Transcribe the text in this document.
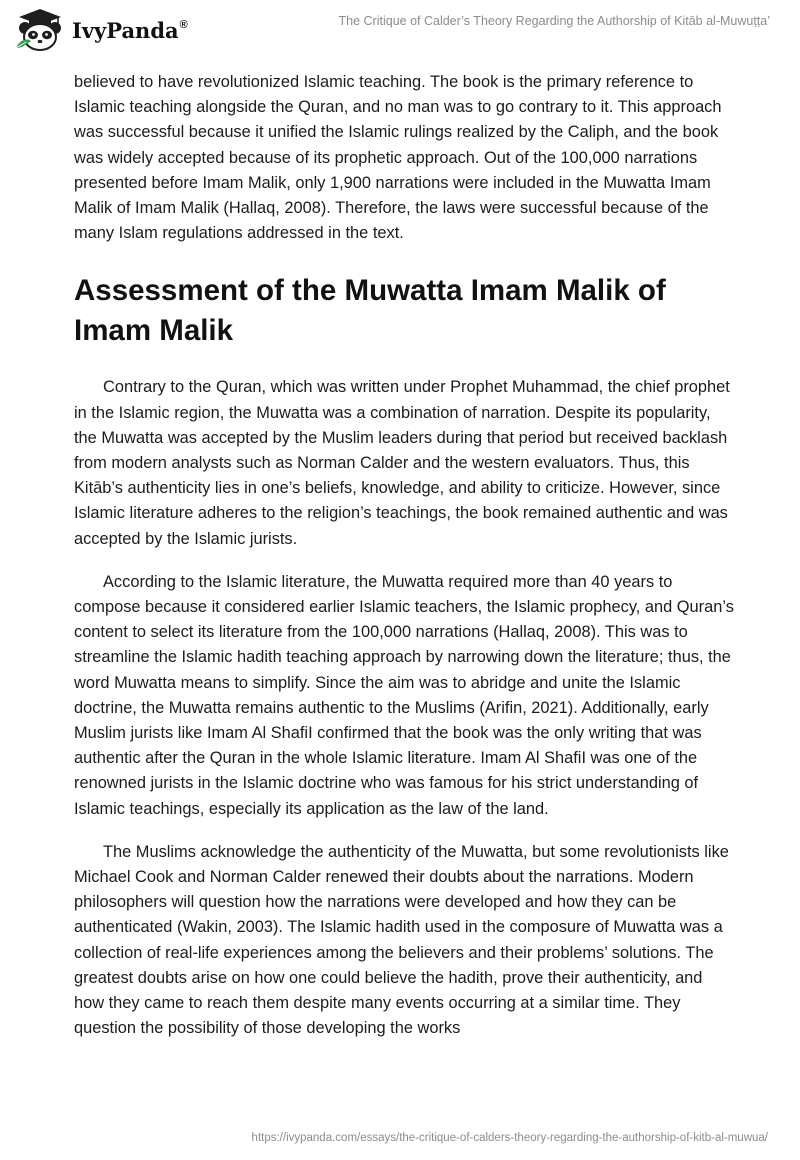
IvyPanda®	The Critique of Calder’s Theory Regarding the Authorship of Kitāb al-Muwuṭṭa’

believed to have revolutionized Islamic teaching. The book is the primary reference to Islamic teaching alongside the Quran, and no man was to go contrary to it. This approach was successful because it unified the Islamic rulings realized by the Caliph, and the book was widely accepted because of its prophetic approach. Out of the 100,000 narrations presented before Imam Malik, only 1,900 narrations were included in the Muwatta Imam Malik of Imam Malik (Hallaq, 2008). Therefore, the laws were successful because of the many Islam regulations addressed in the text.

Assessment of the Muwatta Imam Malik of Imam Malik

Contrary to the Quran, which was written under Prophet Muhammad, the chief prophet in the Islamic region, the Muwatta was a combination of narration. Despite its popularity, the Muwatta was accepted by the Muslim leaders during that period but received backlash from modern analysts such as Norman Calder and the western evaluators. Thus, this Kitāb’s authenticity lies in one’s beliefs, knowledge, and ability to criticize. However, since Islamic literature adheres to the religion’s teachings, the book remained authentic and was accepted by the Islamic jurists.

According to the Islamic literature, the Muwatta required more than 40 years to compose because it considered earlier Islamic teachers, the Islamic prophecy, and Quran’s content to select its literature from the 100,000 narrations (Hallaq, 2008). This was to streamline the Islamic hadith teaching approach by narrowing down the literature; thus, the word Muwatta means to simplify. Since the aim was to abridge and unite the Islamic doctrine, the Muwatta remains authentic to the Muslims (Arifin, 2021). Additionally, early Muslim jurists like Imam Al ShafiI confirmed that the book was the only writing that was authentic after the Quran in the whole Islamic literature. Imam Al ShafiI was one of the renowned jurists in the Islamic doctrine who was famous for his strict understanding of Islamic teachings, especially its application as the law of the land.

The Muslims acknowledge the authenticity of the Muwatta, but some revolutionists like Michael Cook and Norman Calder renewed their doubts about the narrations. Modern philosophers will question how the narrations were developed and how they can be authenticated (Wakin, 2003). The Islamic hadith used in the composure of Muwatta was a collection of real-life experiences among the believers and their problems’ solutions. The greatest doubts arise on how one could believe the hadith, prove their authenticity, and how they came to reach them despite many events occurring at a similar time. They question the possibility of those developing the works

https://ivypanda.com/essays/the-critique-of-calders-theory-regarding-the-authorship-of-kitb-al-muwua/
